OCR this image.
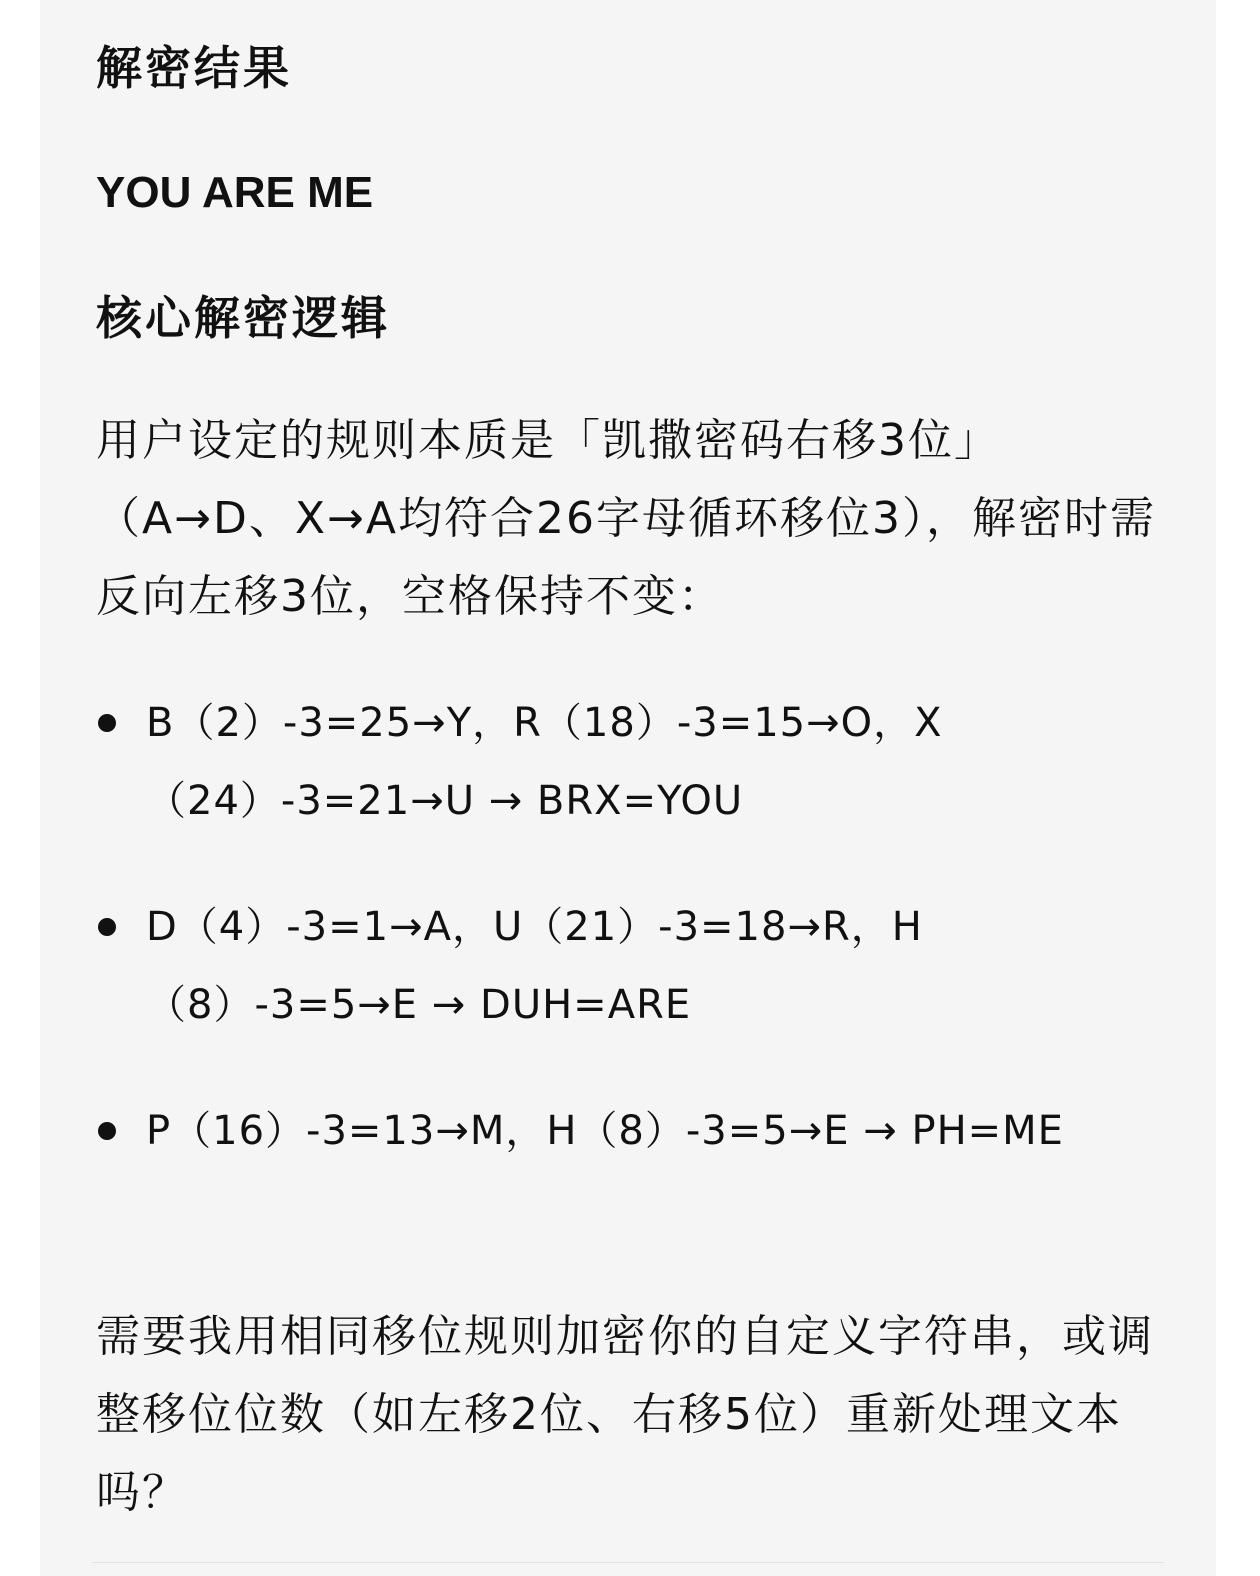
解密结果
YOU ARE ME
核心解密逻辑
用户设定的规则本质是「凯撒密码右移3位」（A→D、X→A均符合26字母循环移位3），解密时需反向左移3位，空格保持不变：
B（2）-3=25→Y，R（18）-3=15→O，X（24）-3=21→U → BRX=YOU
D（4）-3=1→A，U（21）-3=18→R，H（8）-3=5→E → DUH=ARE
P（16）-3=13→M，H（8）-3=5→E → PH=ME
需要我用相同移位规则加密你的自定义字符串，或调整移位位数（如左移2位、右移5位）重新处理文本吗？
